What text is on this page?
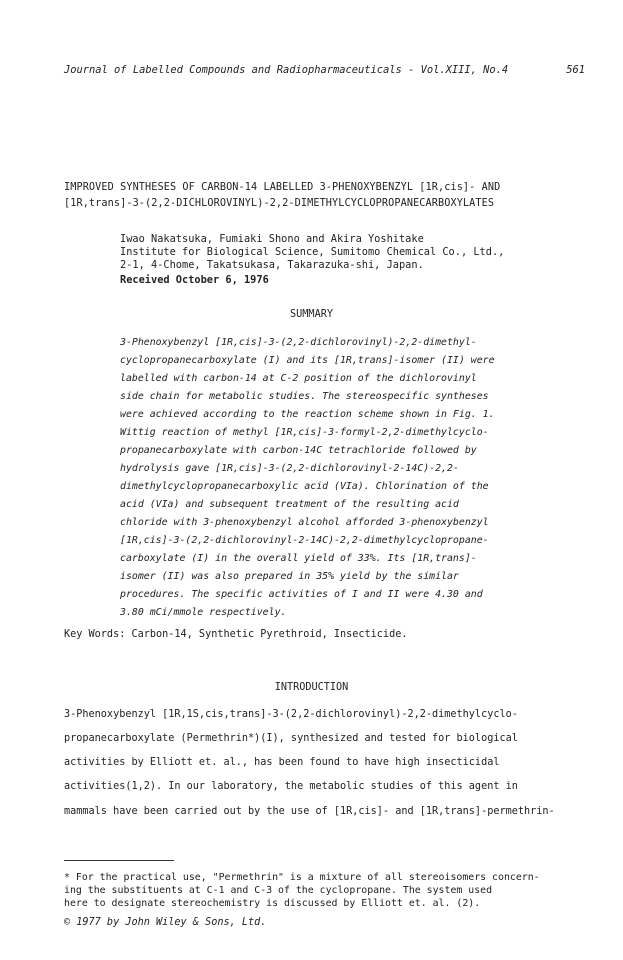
Journal of Labelled Compounds and Radiopharmaceuticals - Vol.XIII, No.4	561
IMPROVED SYNTHESES OF CARBON-14 LABELLED 3-PHENOXYBENZYL [1R,cis]- AND
[1R,trans]-3-(2,2-DICHLOROVINYL)-2,2-DIMETHYLCYCLOPROPANECARBOXYLATES
Iwao Nakatsuka, Fumiaki Shono and Akira Yoshitake
Institute for Biological Science, Sumitomo Chemical Co., Ltd.,
2-1, 4-Chome, Takatsukasa, Takarazuka-shi, Japan.
Received October 6, 1976
SUMMARY
3-Phenoxybenzyl [1R,cis]-3-(2,2-dichlorovinyl)-2,2-dimethyl-
cyclopropanecarboxylate (I) and its [1R,trans]-isomer (II) were
labelled with carbon-14 at C-2 position of the dichlorovinyl
side chain for metabolic studies. The stereospecific syntheses
were achieved according to the reaction scheme shown in Fig. 1.
Wittig reaction of methyl [1R,cis]-3-formyl-2,2-dimethylcyclo-
propanecarboxylate with carbon-14C tetrachloride followed by
hydrolysis gave [1R,cis]-3-(2,2-dichlorovinyl-2-14C)-2,2-
dimethylcyclopropanecarboxylic acid (VIa). Chlorination of the
acid (VIa) and subsequent treatment of the resulting acid
chloride with 3-phenoxybenzyl alcohol afforded 3-phenoxybenzyl
[1R,cis]-3-(2,2-dichlorovinyl-2-14C)-2,2-dimethylcyclopropane-
carboxylate (I) in the overall yield of 33%. Its [1R,trans]-
isomer (II) was also prepared in 35% yield by the similar
procedures. The specific activities of I and II were 4.30 and
3.80 mCi/mmole respectively.
Key Words: Carbon-14, Synthetic Pyrethroid, Insecticide.
INTRODUCTION
3-Phenoxybenzyl [1R,1S,cis,trans]-3-(2,2-dichlorovinyl)-2,2-dimethylcyclo-
propanecarboxylate (Permethrin*)(I), synthesized and tested for biological
activities by Elliott et. al., has been found to have high insecticidal
activities(1,2). In our laboratory, the metabolic studies of this agent in
mammals have been carried out by the use of [1R,cis]- and [1R,trans]-permethrin-
* For the practical use, "Permethrin" is a mixture of all stereoisomers concern-
ing the substituents at C-1 and C-3 of the cyclopropane. The system used
here to designate stereochemistry is discussed by Elliott et. al. (2).
© 1977 by John Wiley & Sons, Ltd.
